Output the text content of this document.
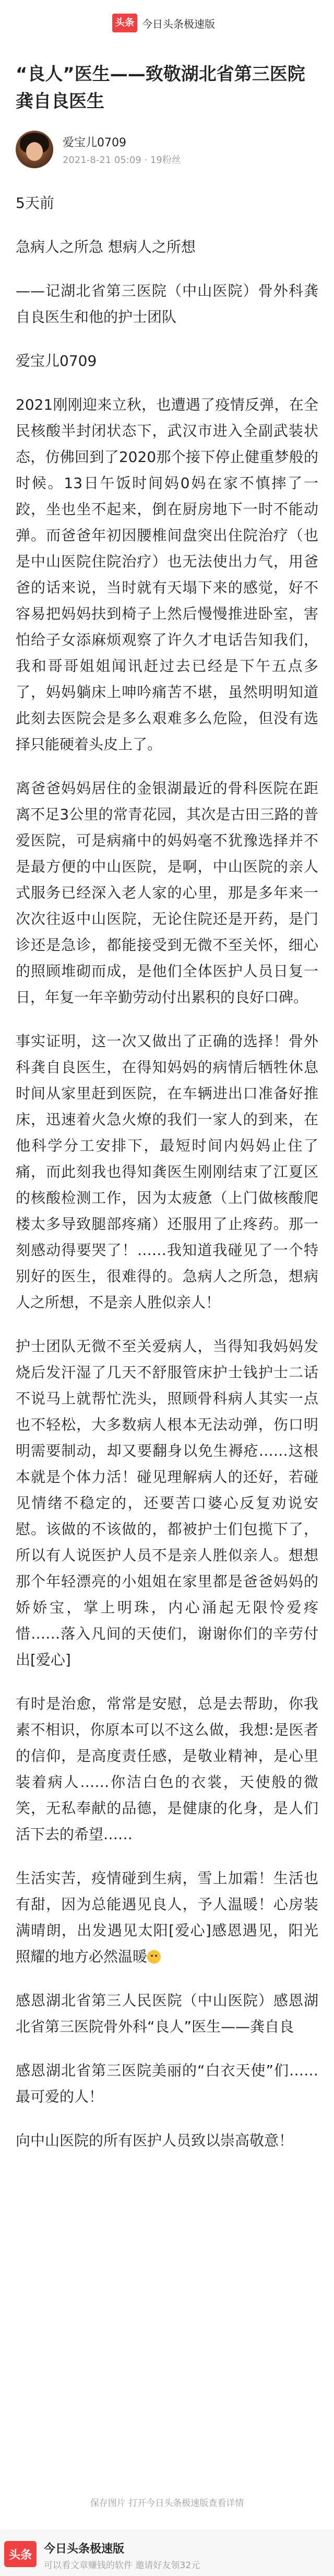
头条 今日头条极速版
“良人”医生——致敬湖北省第三医院龚自良医生
爱宝儿0709
2021-8-21 05:09 · 19粉丝

5天前

急病人之所急 想病人之所想

——记湖北省第三医院（中山医院）骨外科龚自良医生和他的护士团队

爱宝儿0709

2021刚刚迎来立秋，也遭遇了疫情反弹，在全民核酸半封闭状态下，武汉市进入全副武装状态，仿佛回到了2020那个接下停止健重梦般的时候。13日午饭时间妈0妈在家不慎摔了一跤，坐也坐不起来，倒在厨房地下一时不能动弹。而爸爸年初因腰椎间盘突出住院治疗（也是中山医院住院治疗）也无法使出力气，用爸爸的话来说，当时就有天塌下来的感觉，好不容易把妈妈扶到椅子上然后慢慢推进卧室，害怕给子女添麻烦观察了许久才电话告知我们，我和哥哥姐姐闻讯赶过去已经是下午五点多了，妈妈躺床上呻吟痛苦不堪，虽然明明知道此刻去医院会是多么艰难多么危险，但没有选择只能硬着头皮上了。

离爸爸妈妈居住的金银湖最近的骨科医院在距离不足3公里的常青花园，其次是古田三路的普爱医院，可是病痛中的妈妈毫不犹豫选择并不是最方便的中山医院，是啊，中山医院的亲人式服务已经深入老人家的心里，那是多年来一次次往返中山医院，无论住院还是开药，是门诊还是急诊，都能接受到无微不至关怀，细心的照顾堆砌而成，是他们全体医护人员日复一日，年复一年辛勤劳动付出累积的良好口碑。

事实证明，这一次又做出了正确的选择！骨外科龚自良医生，在得知妈妈的病情后牺牲休息时间从家里赶到医院，在车辆进出口准备好推床，迅速着火急火燎的我们一家人的到来，在他科学分工安排下，最短时间内妈妈止住了痛，而此刻我也得知龚医生刚刚结束了江夏区的核酸检测工作，因为太疲惫（上门做核酸爬楼太多导致腿部疼痛）还服用了止疼药。那一刻感动得要哭了！……我知道我碰见了一个特别好的医生，很难得的。急病人之所急，想病人之所想，不是亲人胜似亲人！

护士团队无微不至关爱病人，当得知我妈妈发烧后发汗湿了几天不舒服管床护士钱护士二话不说马上就帮忙洗头，照顾骨科病人其实一点也不轻松，大多数病人根本无法动弹，伤口明明需要制动，却又要翻身以免生褥疮……这根本就是个体力活！碰见理解病人的还好，若碰见情绪不稳定的，还要苦口婆心反复劝说安慰。该做的不该做的，都被护士们包揽下了，所以有人说医护人员不是亲人胜似亲人。想想那个年轻漂亮的小姐姐在家里都是爸爸妈妈的娇娇宝，掌上明珠，内心涌起无限怜爱疼惜……落入凡间的天使们，谢谢你们的辛劳付出[爱心]

有时是治愈，常常是安慰，总是去帮助，你我素不相识，你原本可以不这么做，我想:是医者的信仰，是高度责任感，是敬业精神，是心里装着病人……你洁白色的衣裳，天使般的微笑，无私奉献的品德，是健康的化身，是人们活下去的希望……

生活实苦，疫情碰到生病，雪上加霜！生活也有甜，因为总能遇见良人，予人温暖！心房装满晴朗，出发遇见太阳[爱心]感恩遇见，阳光照耀的地方必然温暖

感恩湖北省第三人民医院（中山医院）感恩湖北省第三医院骨外科“良人”医生——龚自良

感恩湖北省第三医院美丽的“白衣天使”们……最可爱的人！

向中山医院的所有医护人员致以崇高敬意！

保存图片 打开今日头条极速版查看详情
头条	今日头条极速版
可以看文章赚钱的软件 邀请好友领32元
